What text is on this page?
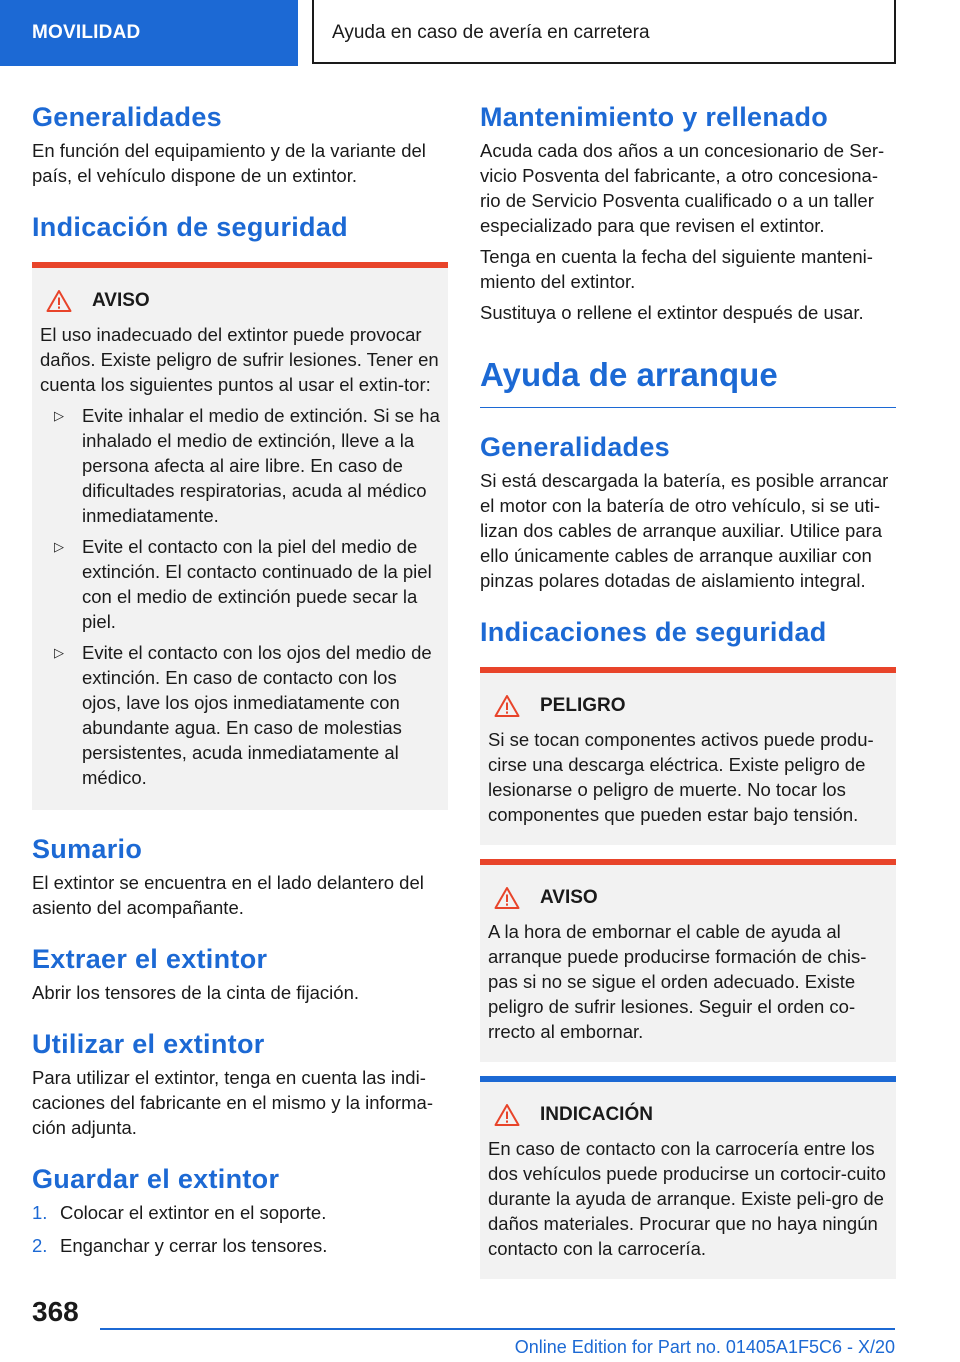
MOVILIDAD	Ayuda en caso de avería en carretera
Generalidades

En función del equipamiento y de la variante del país, el vehículo dispone de un extintor.

Indicación de seguridad
AVISO

El uso inadecuado del extintor puede provocar daños. Existe peligro de sufrir lesiones. Tener en cuenta los siguientes puntos al usar el extin‐tor:

▷ Evite inhalar el medio de extinción. Si se ha inhalado el medio de extinción, lleve a la persona afecta al aire libre. En caso de dificultades respiratorias, acuda al médico inmediatamente.
▷ Evite el contacto con la piel del medio de extinción. El contacto continuado de la piel con el medio de extinción puede secar la piel.
▷ Evite el contacto con los ojos del medio de extinción. En caso de contacto con los ojos, lave los ojos inmediatamente con abundante agua. En caso de molestias persistentes, acuda inmediatamente al médico.
Sumario

El extintor se encuentra en el lado delantero del asiento del acompañante.

Extraer el extintor

Abrir los tensores de la cinta de fijación.

Utilizar el extintor

Para utilizar el extintor, tenga en cuenta las indi‐caciones del fabricante en el mismo y la informa‐ción adjunta.

Guardar el extintor
1. Colocar el extintor en el soporte.
2. Enganchar y cerrar los tensores.
Mantenimiento y rellenado

Acuda cada dos años a un concesionario de Ser‐vicio Posventa del fabricante, a otro concesiona‐rio de Servicio Posventa cualificado o a un taller especializado para que revisen el extintor.

Tenga en cuenta la fecha del siguiente manteni‐miento del extintor.

Sustituya o rellene el extintor después de usar.

Ayuda de arranque
Generalidades

Si está descargada la batería, es posible arrancar el motor con la batería de otro vehículo, si se uti‐lizan dos cables de arranque auxiliar. Utilice para ello únicamente cables de arranque auxiliar con pinzas polares dotadas de aislamiento integral.

Indicaciones de seguridad
PELIGRO

Si se tocan componentes activos puede produ‐cirse una descarga eléctrica. Existe peligro de lesionarse o peligro de muerte. No tocar los componentes que pueden estar bajo tensión.

AVISO

A la hora de embornar el cable de ayuda al arranque puede producirse formación de chis‐pas si no se sigue el orden adecuado. Existe peligro de sufrir lesiones. Seguir el orden co‐rrecto al embornar.

INDICACIÓN

En caso de contacto con la carrocería entre los dos vehículos puede producirse un cortocir‐cuito durante la ayuda de arranque. Existe peli‐gro de daños materiales. Procurar que no haya ningún contacto con la carrocería.

368
Online Edition for Part no. 01405A1F5C6 - X/20
